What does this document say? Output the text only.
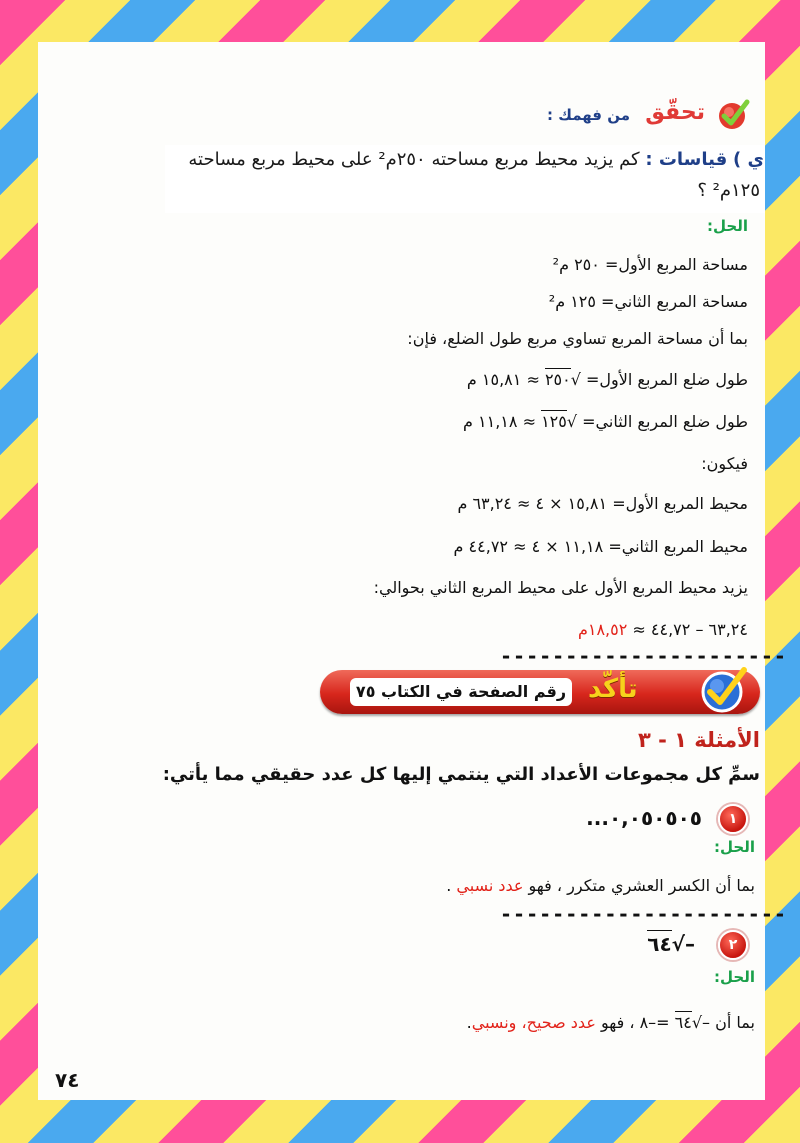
تحقّق
من فهمك :
ي ) قياسات : كم يزيد محيط مربع مساحته ٢٥٠م² على محيط مربع مساحته
١٢٥م² ؟
الحل:
مساحة المربع الأول= ٢٥٠ م²
مساحة المربع الثاني= ١٢٥ م²
بما أن مساحة المربع تساوي مربع طول الضلع، فإن:
طول ضلع المربع الأول= √٢٥٠ ≈ ١٥,٨١ م
طول ضلع المربع الثاني= √١٢٥ ≈ ١١,١٨ م
فيكون:
محيط المربع الأول= ١٥,٨١ × ٤ ≈ ٦٣,٢٤ م
محيط المربع الثاني= ١١,١٨ × ٤ ≈ ٤٤,٧٢ م
يزيد محيط المربع الأول على محيط المربع الثاني بحوالي:
٦٣,٢٤ – ٤٤,٧٢ ≈ ١٨,٥٢م
----------------------
تأكّد
رقم الصفحة في الكتاب ٧٥
الأمثلة ١ - ٣
سمِّ كل مجموعات الأعداد التي ينتمي إليها كل عدد حقيقي مما يأتي:
١
٠,٠٥٠٥٠٥...
الحل:
بما أن الكسر العشري متكرر ، فهو عدد نسبي .
----------------------
٢
–√٦٤
الحل:
بما أن –√٦٤ =–٨ ، فهو عدد صحيح، ونسبي.
٧٤
